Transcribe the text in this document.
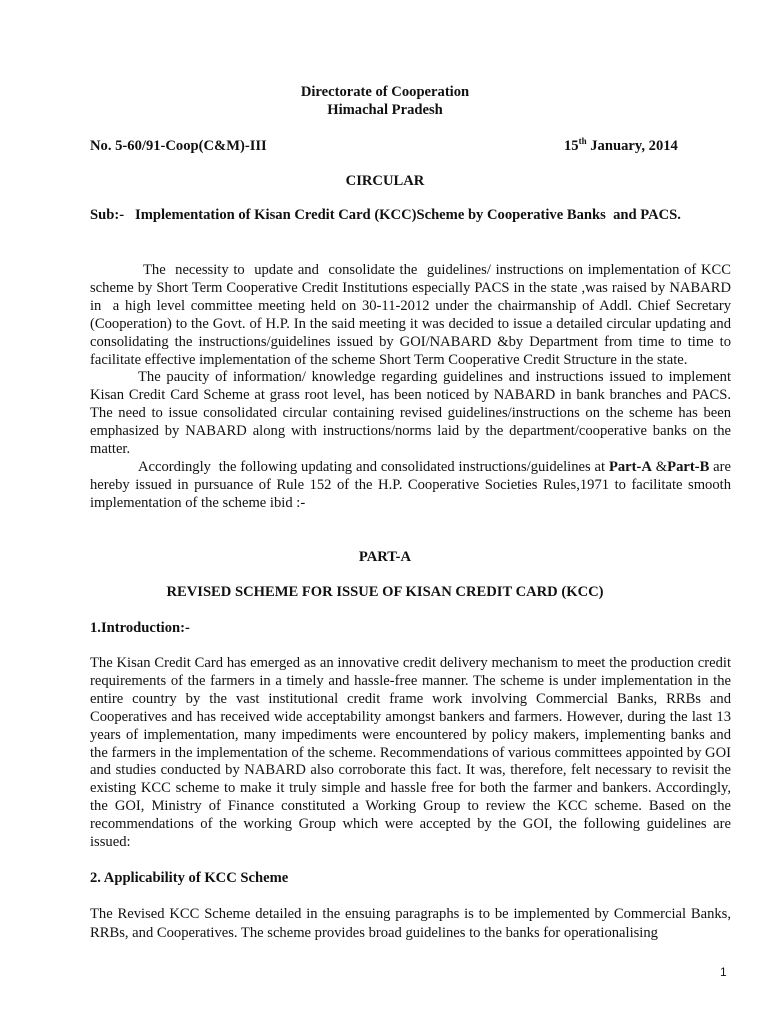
Directorate of Cooperation
Himachal Pradesh
No. 5-60/91-Coop(C&M)-III	15th January, 2014
CIRCULAR
Sub:-   Implementation of Kisan Credit Card (KCC)Scheme by Cooperative Banks  and PACS.

The  necessity to  update and  consolidate the  guidelines/ instructions on implementation of KCC scheme by Short Term Cooperative Credit Institutions especially PACS in the state ,was raised by NABARD in  a high level committee meeting held on 30-11-2012 under the chairmanship of Addl. Chief Secretary (Cooperation) to the Govt. of H.P. In the said meeting it was decided to issue a detailed circular updating and consolidating the instructions/guidelines issued by GOI/NABARD &by Department from time to time to facilitate effective implementation of the scheme Short Term Cooperative Credit Structure in the state.

The paucity of information/ knowledge regarding guidelines and instructions issued to implement Kisan Credit Card Scheme at grass root level, has been noticed by NABARD in bank branches and PACS. The need to issue consolidated circular containing revised guidelines/instructions on the scheme has been emphasized by NABARD along with instructions/norms laid by the department/cooperative banks on the matter.

Accordingly  the following updating and consolidated instructions/guidelines at Part-A &Part-B are hereby issued in pursuance of Rule 152 of the H.P. Cooperative Societies Rules,1971 to facilitate smooth implementation of the scheme ibid :-

PART-A
REVISED SCHEME FOR ISSUE OF KISAN CREDIT CARD (KCC)
1.Introduction:-
The Kisan Credit Card has emerged as an innovative credit delivery mechanism to meet the production credit requirements of the farmers in a timely and hassle-free manner. The scheme is under implementation in the entire country by the vast institutional credit frame work involving Commercial Banks, RRBs and Cooperatives and has received wide acceptability amongst bankers and farmers. However, during the last 13 years of implementation, many impediments were encountered by policy makers, implementing banks and the farmers in the implementation of the scheme. Recommendations of various committees appointed by GOI and studies conducted by NABARD also corroborate this fact. It was, therefore, felt necessary to revisit the existing KCC scheme to make it truly simple and hassle free for both the farmer and bankers. Accordingly, the GOI, Ministry of Finance constituted a Working Group to review the KCC scheme. Based on the recommendations of the working Group which were accepted by the GOI, the following guidelines are issued:
2. Applicability of KCC Scheme
The Revised KCC Scheme detailed in the ensuing paragraphs is to be implemented by Commercial Banks, RRBs, and Cooperatives. The scheme provides broad guidelines to the banks for operationalising
1
